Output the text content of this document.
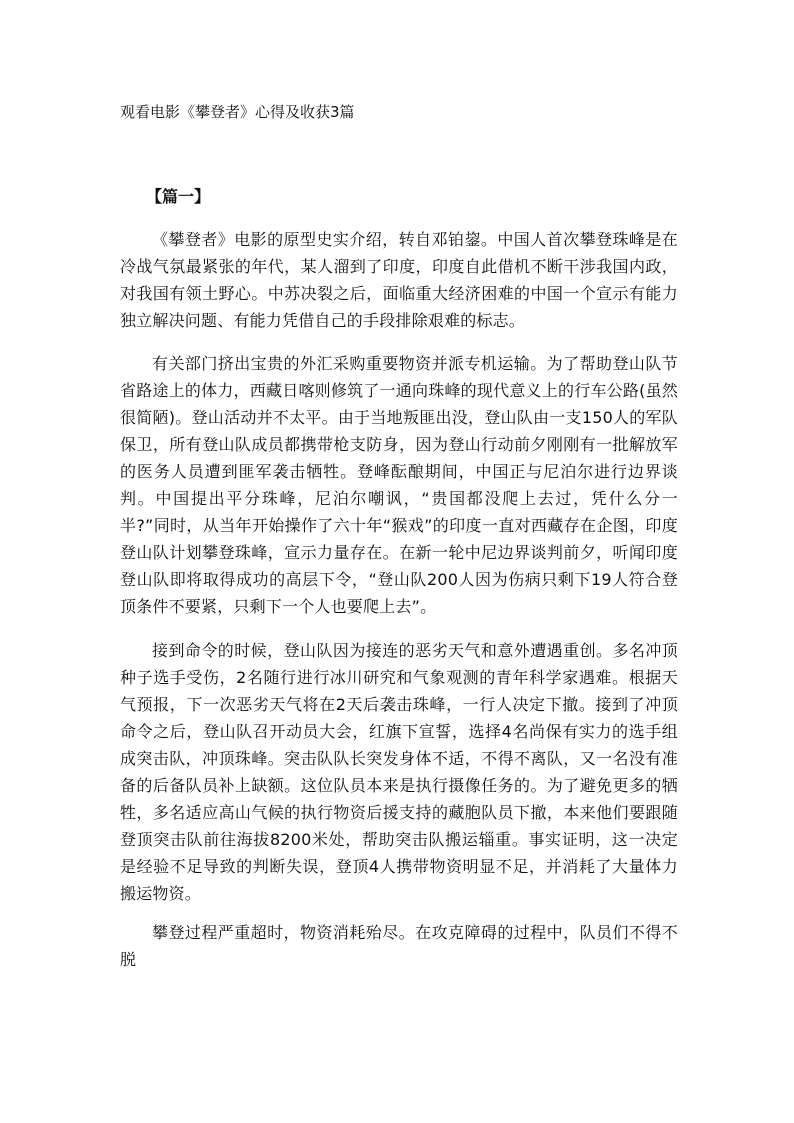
观看电影《攀登者》心得及收获3篇
【篇一】

《攀登者》电影的原型史实介绍，转自邓铂鋆。中国人首次攀登珠峰是在冷战气氛最紧张的年代，某人溜到了印度，印度自此借机不断干涉我国内政，对我国有领土野心。中苏决裂之后，面临重大经济困难的中国一个宣示有能力独立解决问题、有能力凭借自己的手段排除艰难的标志。

有关部门挤出宝贵的外汇采购重要物资并派专机运输。为了帮助登山队节省路途上的体力，西藏日喀则修筑了一通向珠峰的现代意义上的行车公路(虽然很简陋)。登山活动并不太平。由于当地叛匪出没，登山队由一支150人的军队保卫，所有登山队成员都携带枪支防身，因为登山行动前夕刚刚有一批解放军的医务人员遭到匪军袭击牺牲。登峰酝酿期间，中国正与尼泊尔进行边界谈判。中国提出平分珠峰，尼泊尔嘲讽，“贵国都没爬上去过，凭什么分一半?”同时，从当年开始操作了六十年“猴戏”的印度一直对西藏存在企图，印度登山队计划攀登珠峰，宣示力量存在。在新一轮中尼边界谈判前夕，听闻印度登山队即将取得成功的高层下令，“登山队200人因为伤病只剩下19人符合登顶条件不要紧，只剩下一个人也要爬上去”。

接到命令的时候，登山队因为接连的恶劣天气和意外遭遇重创。多名冲顶种子选手受伤，2名随行进行冰川研究和气象观测的青年科学家遇难。根据天气预报，下一次恶劣天气将在2天后袭击珠峰，一行人决定下撤。接到了冲顶命令之后，登山队召开动员大会，红旗下宣誓，选择4名尚保有实力的选手组成突击队，冲顶珠峰。突击队队长突发身体不适，不得不离队，又一名没有准备的后备队员补上缺额。这位队员本来是执行摄像任务的。为了避免更多的牺牲，多名适应高山气候的执行物资后援支持的藏胞队员下撤，本来他们要跟随登顶突击队前往海拔8200米处，帮助突击队搬运辎重。事实证明，这一决定是经验不足导致的判断失误，登顶4人携带物资明显不足，并消耗了大量体力搬运物资。

攀登过程严重超时，物资消耗殆尽。在攻克障碍的过程中，队员们不得不脱
